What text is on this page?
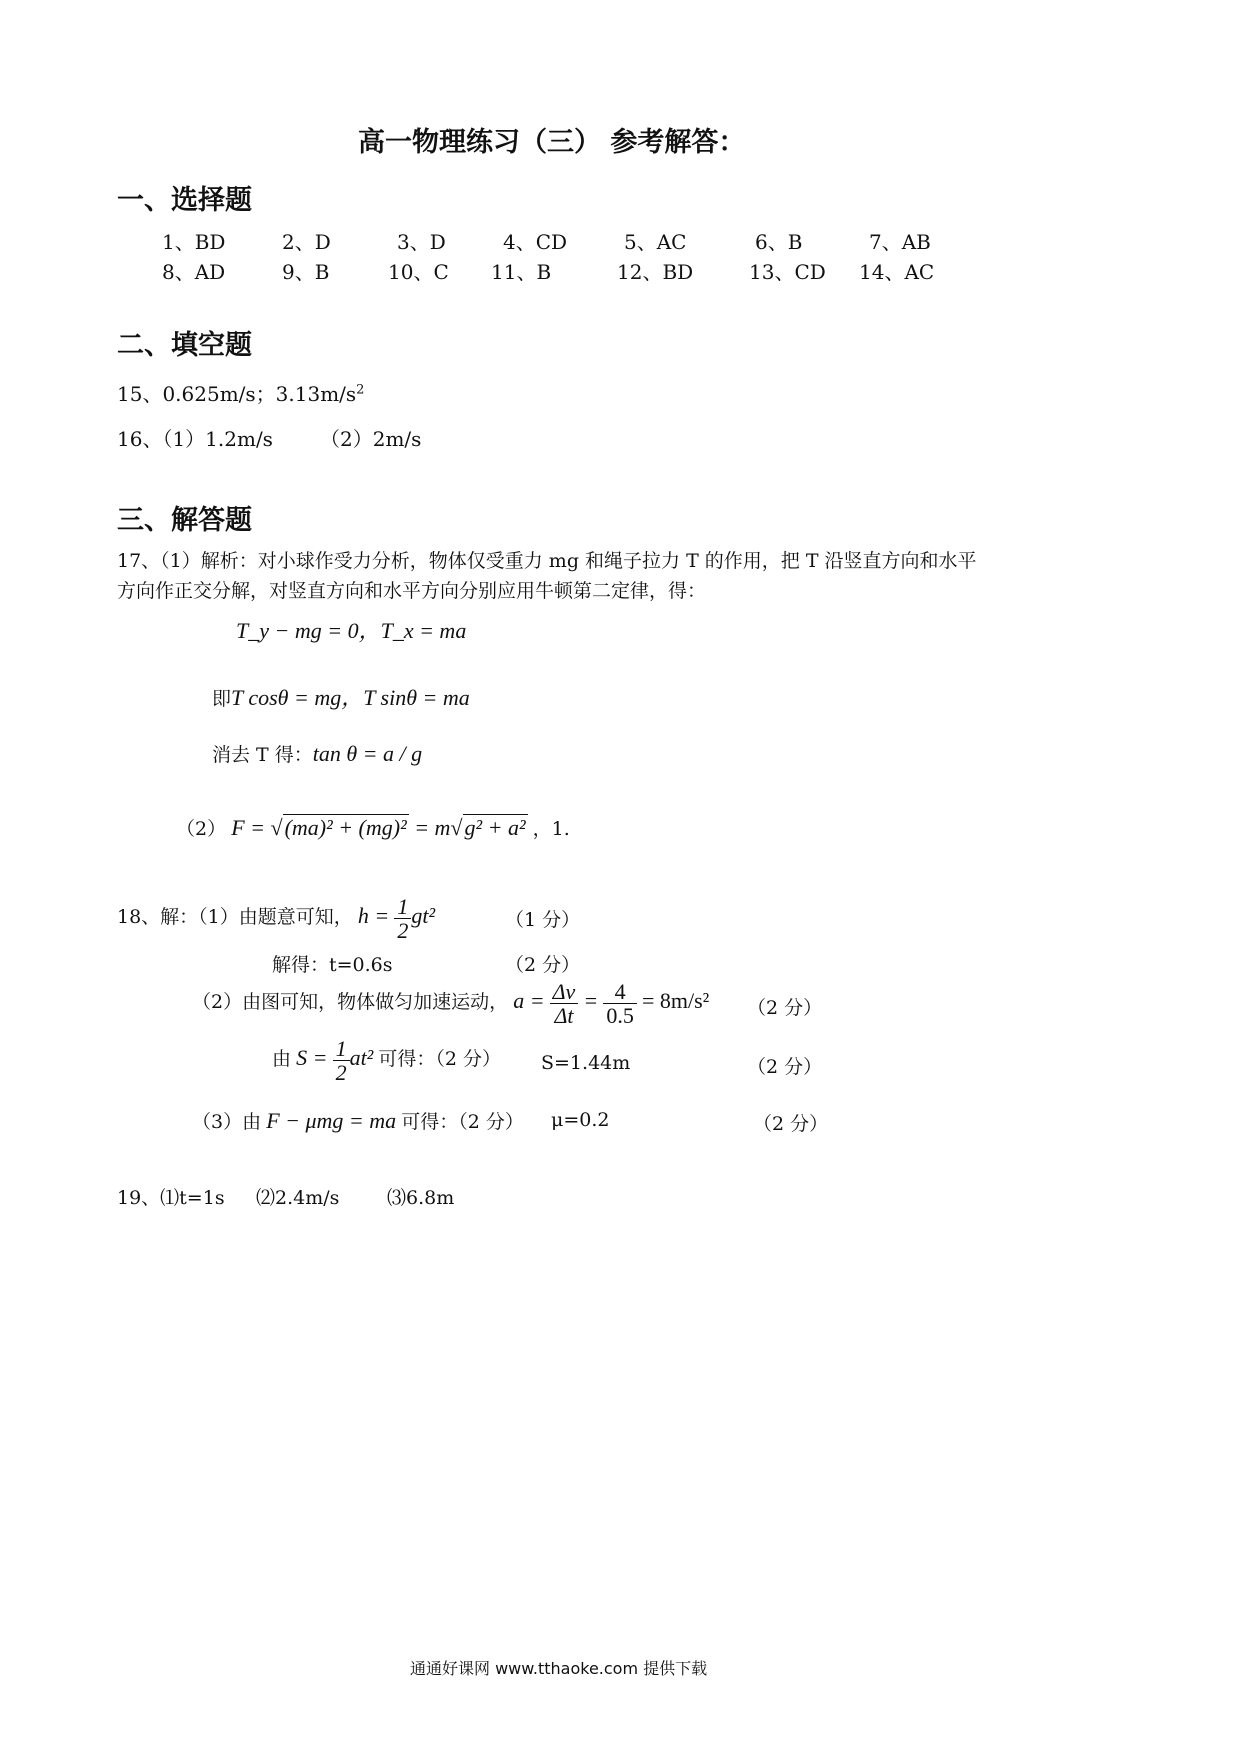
高一物理练习（三） 参考解答：
一、选择题
1、BD	2、D	3、D	4、CD	5、AC	6、B	7、AB
8、AD	9、B	10、C 11、B	12、BD	13、CD 14、AC
二、填空题
15、0.625m/s；$3.13m/s^2$
16、（1）1.2m/s （2）2m/s
三、解答题
17、（1）解析：对小球作受力分析，物体仅受重力 mg 和绳子拉力 T 的作用，把 T 沿竖直方向和水平
方向作正交分解，对竖直方向和水平方向分别应用牛顿第二定律，得：
T_y − mg = 0，T_x = ma
即T cosθ = mg，T sinθ = ma
消去 T 得：tan θ = a / g
（2） F = √(ma)² + (mg)² = m√g² + a² ，1.
18、解：（1）由题意可知， $h = \frac{1}{2} gt^2$	（1 分）
解得：t=0.6s	（2 分）
（2）由图可知，物体做匀加速运动， $a = \frac{\Delta v}{\Delta t} = \frac{4}{0.5} = 8m/s^2$ （2 分）
由 $S = \frac{1}{2} at^2$ 可得：（2 分） S=1.44m	（2 分）
（3）由 F − μmg = ma 可得：（2 分） μ=0.2	（2 分）
19、⑴t=1s ⑵2.4m/s	⑶6.8m
通通好课网 www.tthaoke.com 提供下载
